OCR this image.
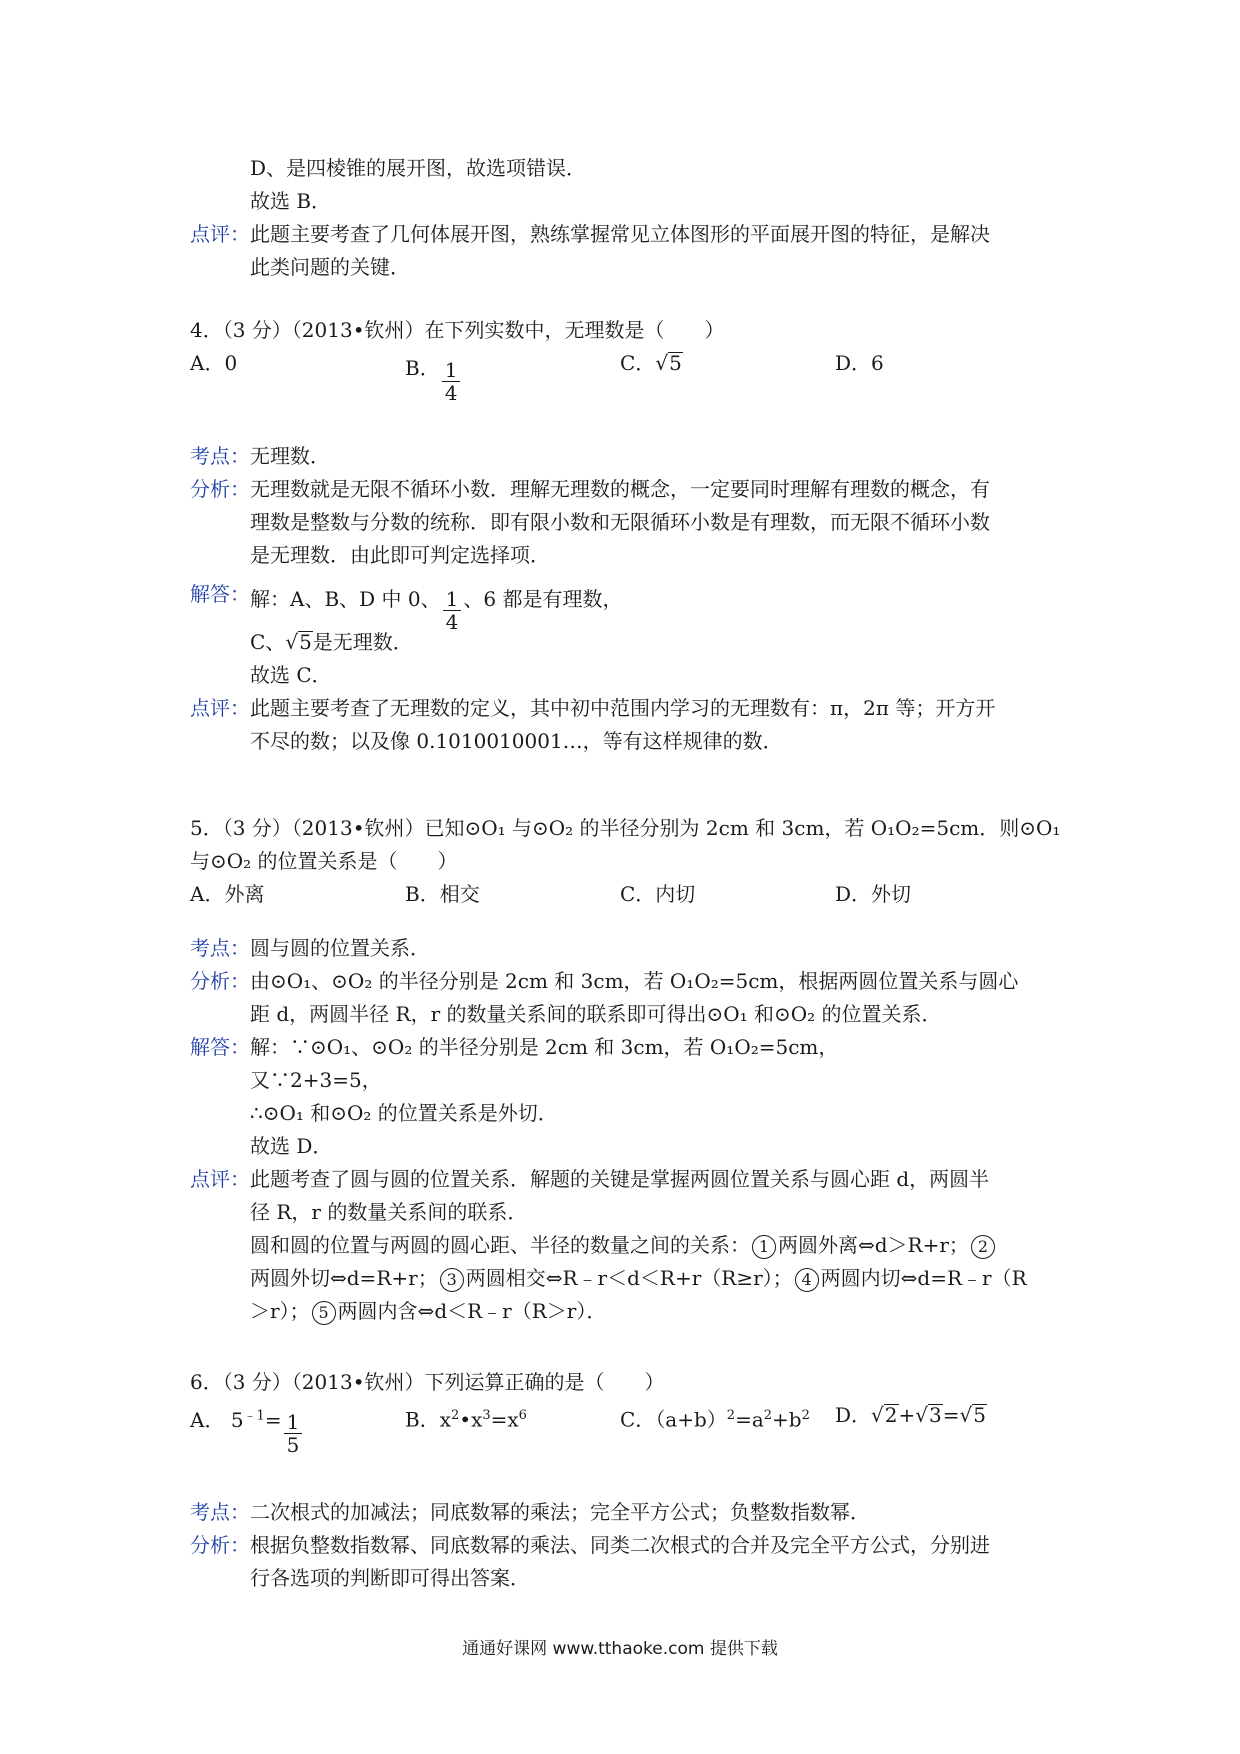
D、是四棱锥的展开图，故选项错误．
故选 B．
点评： 此题主要考查了几何体展开图，熟练掌握常见立体图形的平面展开图的特征，是解决
此类问题的关键．
4．（3 分）（2013•钦州）在下列实数中，无理数是（　　）
A．0	B． $\frac{1}{4}$	C．√5	D．6
考点： 无理数．
分析： 无理数就是无限不循环小数．理解无理数的概念，一定要同时理解有理数的概念，有
理数是整数与分数的统称．即有限小数和无限循环小数是有理数，而无限不循环小数
是无理数．由此即可判定选择项．
解答： 解：A、B、D 中 0、 $\frac{1}{4}$ 、6 都是有理数，
C、√5是无理数．
故选 C．
点评： 此题主要考查了无理数的定义，其中初中范围内学习的无理数有：π，2π 等；开方开
不尽的数；以及像 0.1010010001…，等有这样规律的数．
5．（3 分）（2013•钦州）已知⊙O₁ 与⊙O₂ 的半径分别为 2cm 和 3cm，若 O₁O₂=5cm．则⊙O₁
与⊙O₂ 的位置关系是（　　）
A．外离	B．相交	C．内切	D．外切
考点： 圆与圆的位置关系．
分析： 由⊙O₁、⊙O₂ 的半径分别是 2cm 和 3cm，若 O₁O₂=5cm，根据两圆位置关系与圆心
距 d，两圆半径 R，r 的数量关系间的联系即可得出⊙O₁ 和⊙O₂ 的位置关系．
解答： 解：∵⊙O₁、⊙O₂ 的半径分别是 2cm 和 3cm，若 O₁O₂=5cm，
又∵2+3=5，
∴⊙O₁ 和⊙O₂ 的位置关系是外切．
故选 D．
点评： 此题考查了圆与圆的位置关系．解题的关键是掌握两圆位置关系与圆心距 d，两圆半
径 R，r 的数量关系间的联系．
圆和圆的位置与两圆的圆心距、半径的数量之间的关系： 1 两圆外离⇔d＞R+r； 2
两圆外切⇔d=R+r； 3 两圆相交⇔R﹣r＜d＜R+r（R≥r）； 4 两圆内切⇔d=R﹣r（R
＞r）； 5 两圆内含⇔d＜R﹣r（R＞r）．
6．（3 分）（2013•钦州）下列运算正确的是（　　）
A． $5^{﹣1}= \frac{1}{5}$	B．$x^2•x^3=x^6$	C．$(a+b)^2=a^2+b^2$ D．√2+√3=√5
考点： 二次根式的加减法；同底数幂的乘法；完全平方公式；负整数指数幂．
分析： 根据负整数指数幂、同底数幂的乘法、同类二次根式的合并及完全平方公式，分别进
行各选项的判断即可得出答案．
通通好课网 www.tthaoke.com 提供下载
